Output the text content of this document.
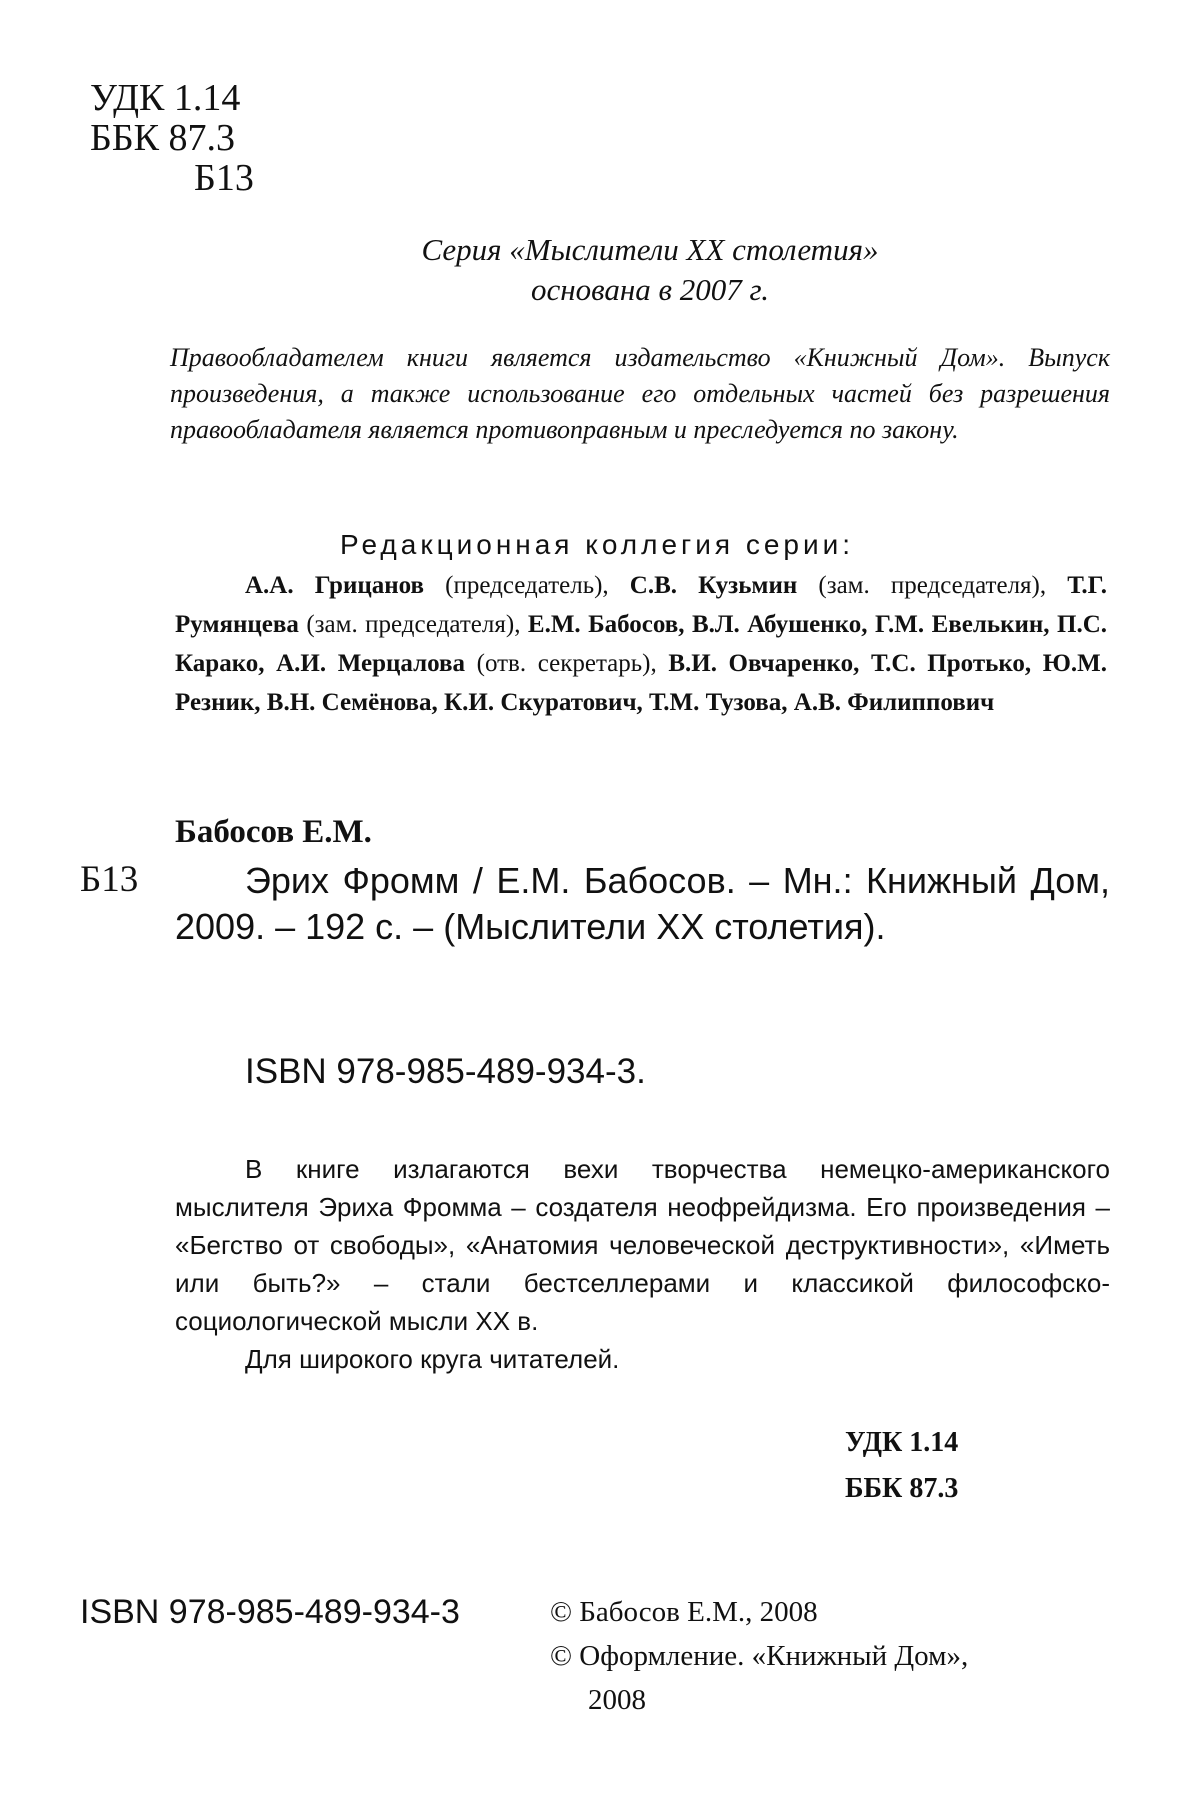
УДК 1.14
ББК 87.3
Б13
Серия «Мыслители XX столетия»
основана в 2007 г.
Правообладателем книги является издательство «Книжный Дом». Выпуск произведения, а также использование его отдельных частей без разрешения правообладателя является противоправным и преследуется по закону.
Редакционная коллегия серии:
А.А. Грицанов (председатель), С.В. Кузьмин (зам. председателя), Т.Г. Румянцева (зам. председателя), Е.М. Бабосов, В.Л. Абушенко, Г.М. Евелькин, П.С. Карако, А.И. Мерцалова (отв. секретарь), В.И. Овчаренко, Т.С. Протько, Ю.М. Резник, В.Н. Семёнова, К.И. Скуратович, Т.М. Тузова, А.В. Филиппович
Бабосов Е.М.
Б13	Эрих Фромм / Е.М. Бабосов. – Мн.: Книжный Дом, 2009. – 192 с. – (Мыслители XX столетия).

ISBN 978-985-489-934-3.

В книге излагаются вехи творчества немецко-американского мыслителя Эриха Фромма – создателя неофрейдизма. Его произведения – «Бегство от свободы», «Анатомия человеческой деструктивности», «Иметь или быть?» – стали бестселлерами и классикой философско-социологической мысли XX в.

Для широкого круга читателей.

УДК 1.14
ББК 87.3
ISBN 978-985-489-934-3	© Бабосов Е.М., 2008
© Оформление. «Книжный Дом»,
2008
